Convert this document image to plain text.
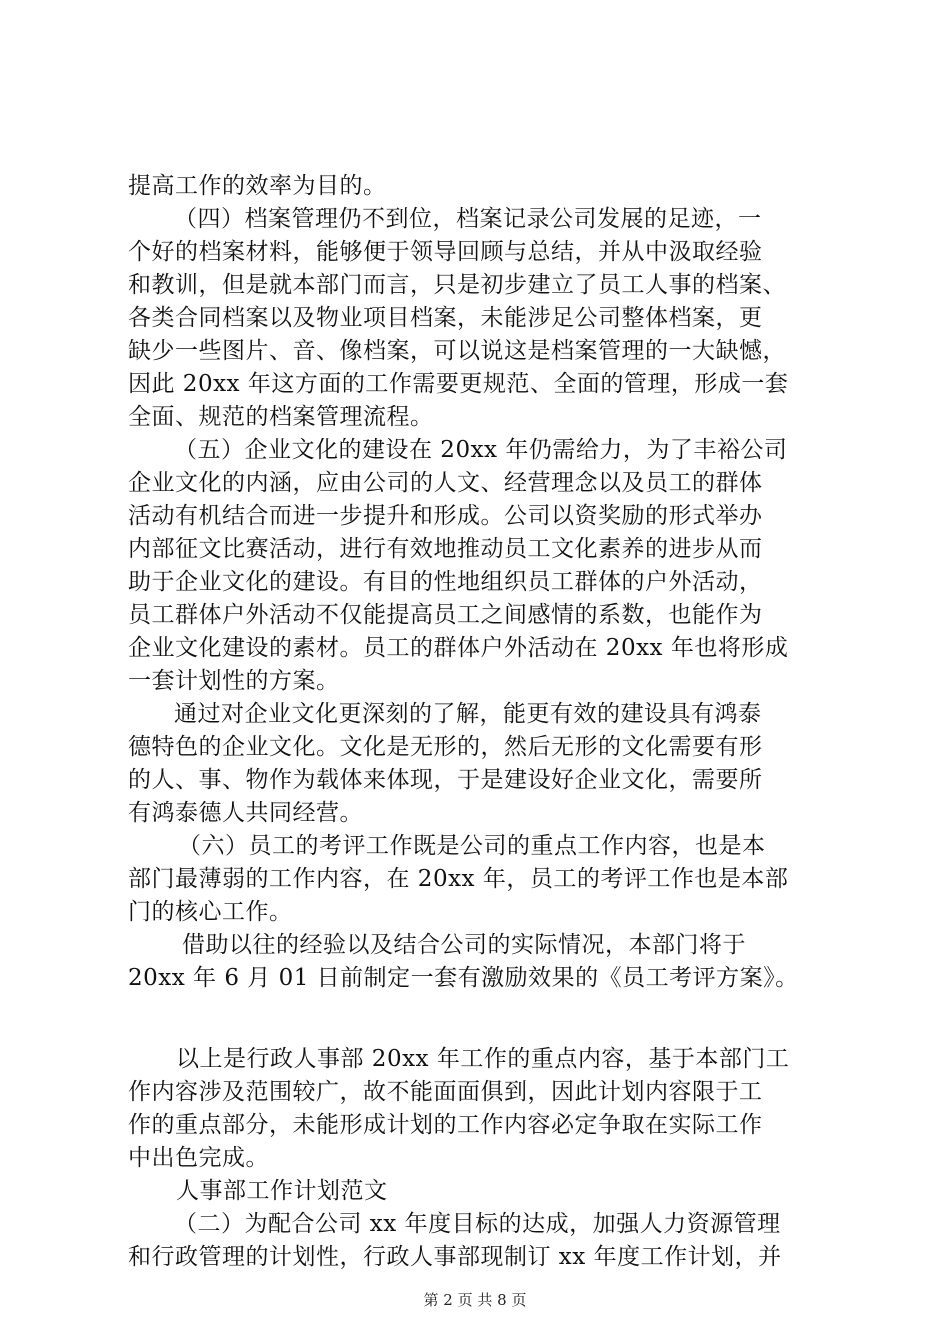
提高工作的效率为目的。
（四）档案管理仍不到位，档案记录公司发展的足迹，一
个好的档案材料，能够便于领导回顾与总结，并从中汲取经验
和教训，但是就本部门而言，只是初步建立了员工人事的档案、
各类合同档案以及物业项目档案，未能涉足公司整体档案，更
缺少一些图片、音、像档案，可以说这是档案管理的一大缺憾，
因此 20xx 年这方面的工作需要更规范、全面的管理，形成一套
全面、规范的档案管理流程。
（五）企业文化的建设在 20xx 年仍需给力，为了丰裕公司
企业文化的内涵，应由公司的人文、经营理念以及员工的群体
活动有机结合而进一步提升和形成。公司以资奖励的形式举办
内部征文比赛活动，进行有效地推动员工文化素养的进步从而
助于企业文化的建设。有目的性地组织员工群体的户外活动，
员工群体户外活动不仅能提高员工之间感情的系数，也能作为
企业文化建设的素材。员工的群体户外活动在 20xx 年也将形成
一套计划性的方案。
通过对企业文化更深刻的了解，能更有效的建设具有鸿泰
德特色的企业文化。文化是无形的，然后无形的文化需要有形
的人、事、物作为载体来体现，于是建设好企业文化，需要所
有鸿泰德人共同经营。
（六）员工的考评工作既是公司的重点工作内容，也是本
部门最薄弱的工作内容，在 20xx 年，员工的考评工作也是本部
门的核心工作。
借助以往的经验以及结合公司的实际情况，本部门将于
20xx 年 6 月 01 日前制定一套有激励效果的《员工考评方案》。
以上是行政人事部 20xx 年工作的重点内容，基于本部门工
作内容涉及范围较广，故不能面面俱到，因此计划内容限于工
作的重点部分，未能形成计划的工作内容必定争取在实际工作
中出色完成。
人事部工作计划范文
（二）为配合公司 xx 年度目标的达成，加强人力资源管理
和行政管理的计划性，行政人事部现制订 xx 年度工作计划，并
第 2 页 共 8 页
